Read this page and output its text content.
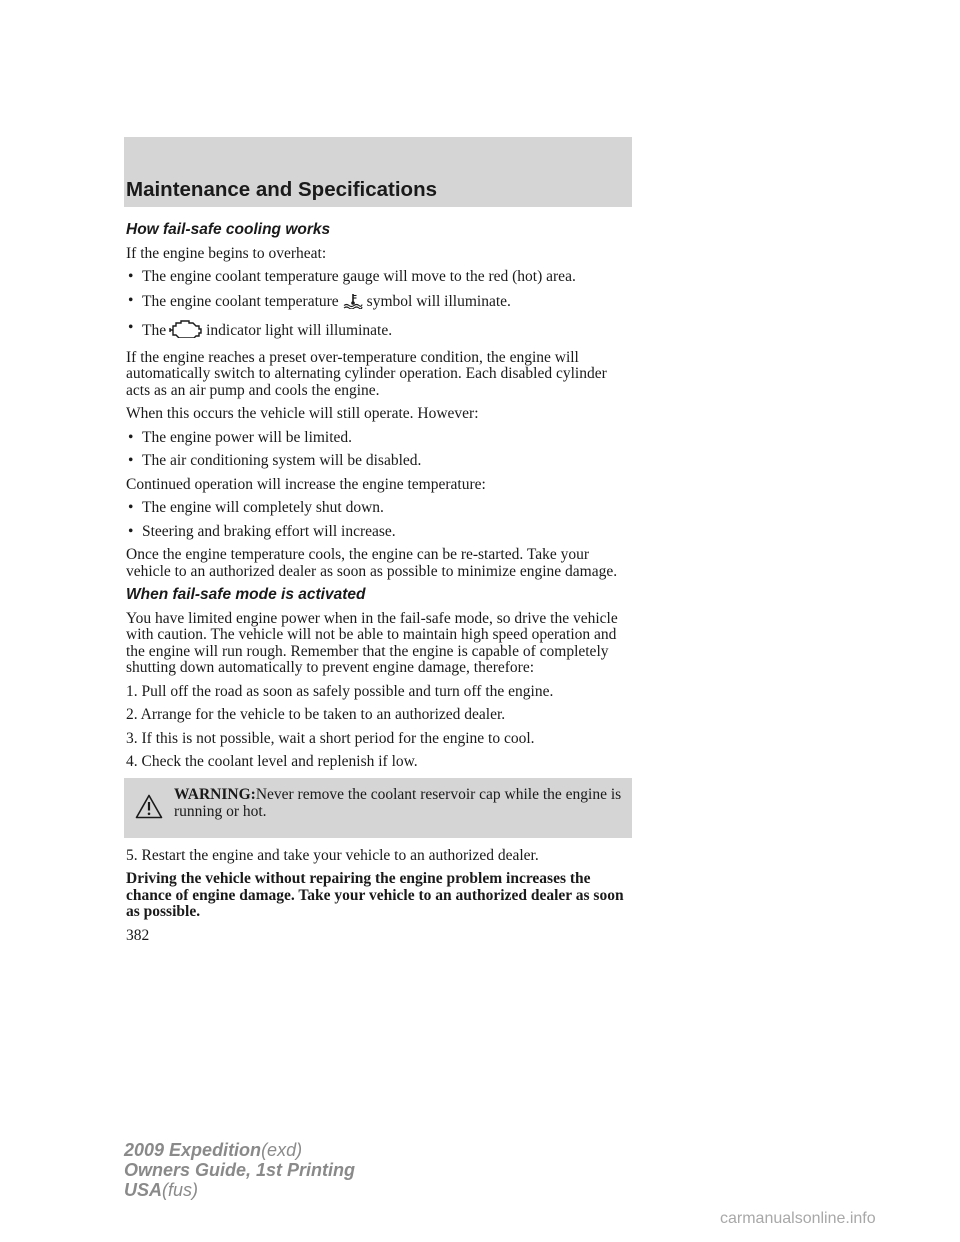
Maintenance and Specifications

How fail-safe cooling works

If the engine begins to overheat:

• The engine coolant temperature gauge will move to the red (hot) area.

• The engine coolant temperature symbol will illuminate.

• The	indicator light will illuminate.

If the engine reaches a preset over-temperature condition, the engine will automatically switch to alternating cylinder operation. Each disabled cylinder acts as an air pump and cools the engine.

When this occurs the vehicle will still operate. However:

• The engine power will be limited.

• The air conditioning system will be disabled.

Continued operation will increase the engine temperature:

• The engine will completely shut down.

• Steering and braking effort will increase.

Once the engine temperature cools, the engine can be re-started. Take your vehicle to an authorized dealer as soon as possible to minimize engine damage.

When fail-safe mode is activated

You have limited engine power when in the fail-safe mode, so drive the vehicle with caution. The vehicle will not be able to maintain high speed operation and the engine will run rough. Remember that the engine is capable of completely shutting down automatically to prevent engine damage, therefore:

1. Pull off the road as soon as safely possible and turn off the engine.

2. Arrange for the vehicle to be taken to an authorized dealer.

3. If this is not possible, wait a short period for the engine to cool.

4. Check the coolant level and replenish if low.

WARNING:Never remove the coolant reservoir cap while the engine is running or hot.

5. Restart the engine and take your vehicle to an authorized dealer.

Driving the vehicle without repairing the engine problem increases the chance of engine damage. Take your vehicle to an authorized dealer as soon as possible.

382

2009 Expedition(exd)
Owners Guide, 1st Printing
USA(fus)
carmanualsonline.info
